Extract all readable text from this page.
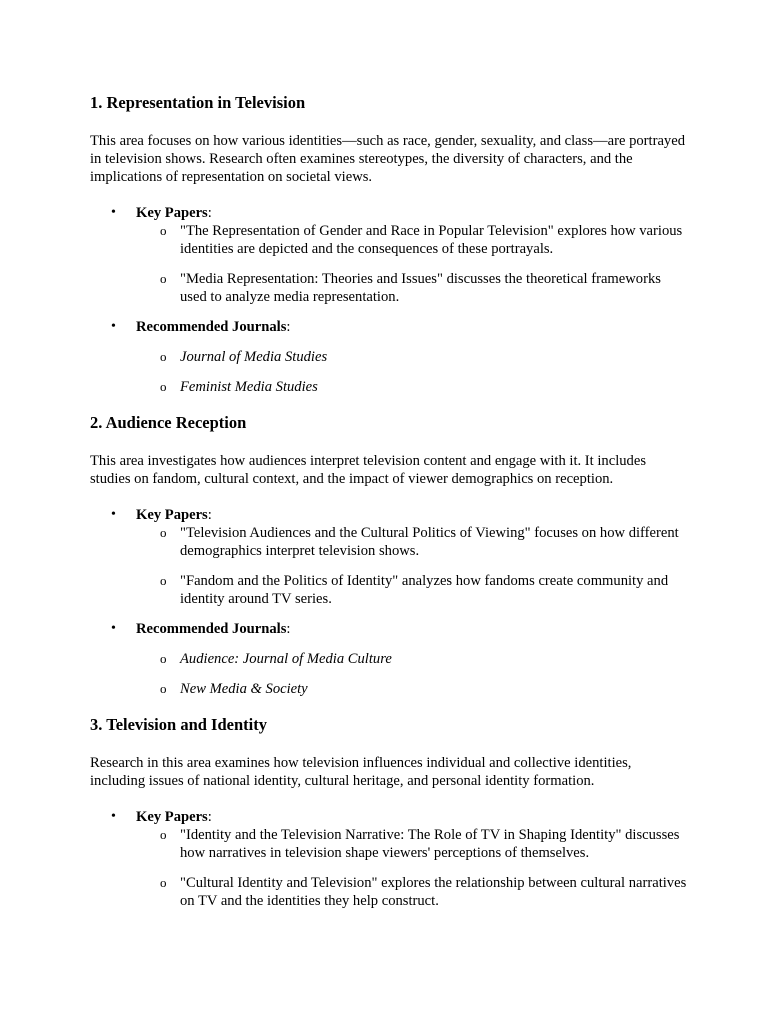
1. Representation in Television

This area focuses on how various identities—such as race, gender, sexuality, and class—are portrayed in television shows. Research often examines stereotypes, the diversity of characters, and the implications of representation on societal views.

• Key Papers:
o "The Representation of Gender and Race in Popular Television" explores how various identities are depicted and the consequences of these portrayals.
o "Media Representation: Theories and Issues" discusses the theoretical frameworks used to analyze media representation.
• Recommended Journals:
o Journal of Media Studies
o Feminist Media Studies
2. Audience Reception

This area investigates how audiences interpret television content and engage with it. It includes studies on fandom, cultural context, and the impact of viewer demographics on reception.

• Key Papers:
o "Television Audiences and the Cultural Politics of Viewing" focuses on how different demographics interpret television shows.
o "Fandom and the Politics of Identity" analyzes how fandoms create community and identity around TV series.
• Recommended Journals:
o Audience: Journal of Media Culture
o New Media & Society
3. Television and Identity

Research in this area examines how television influences individual and collective identities, including issues of national identity, cultural heritage, and personal identity formation.

• Key Papers:
o "Identity and the Television Narrative: The Role of TV in Shaping Identity" discusses how narratives in television shape viewers' perceptions of themselves.
o "Cultural Identity and Television" explores the relationship between cultural narratives on TV and the identities they help construct.
